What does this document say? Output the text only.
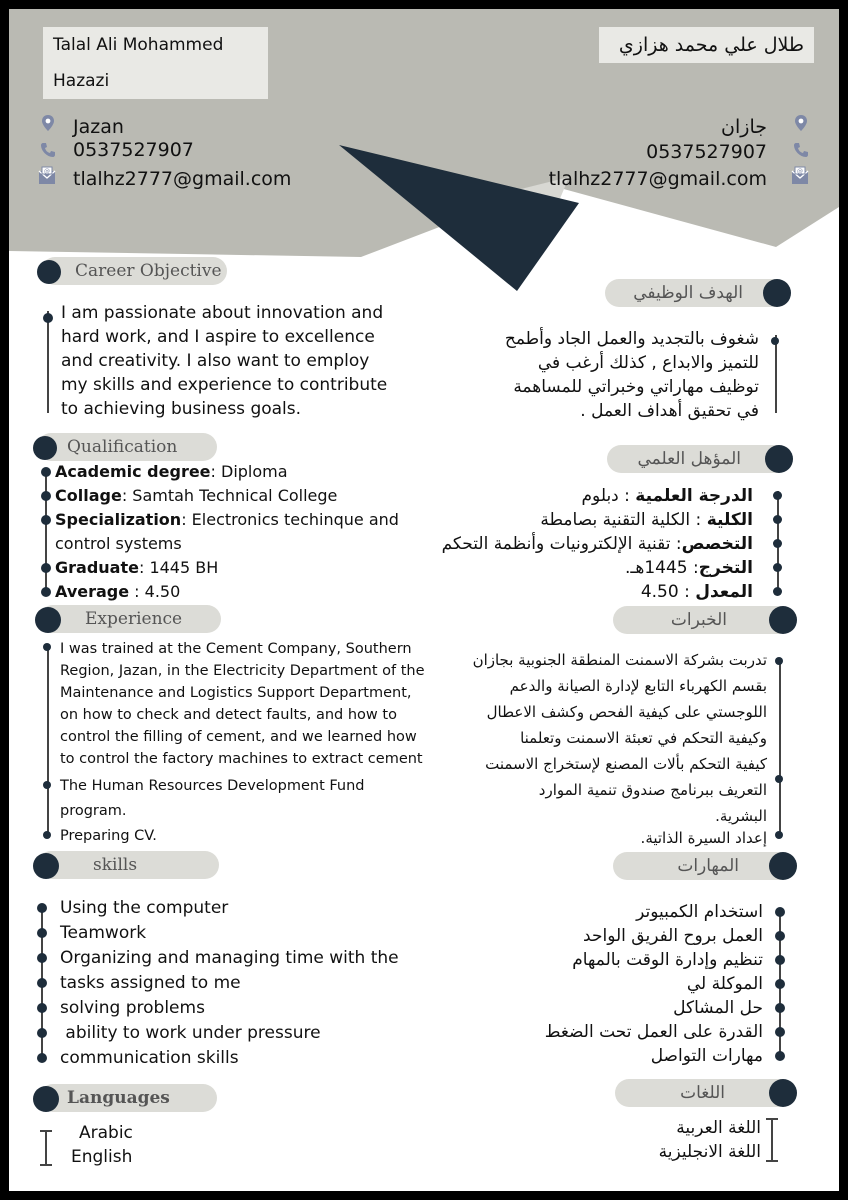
Talal Ali Mohammed Hazazi
طلال علي محمد هزازي
@
Jazan
0537527907
tlalhz2777@gmail.com	@
جازان
0537527907
tlalhz2777@gmail.com
Career Objective
I am passionate about innovation and
hard work, and I aspire to excellence
and creativity. I also want to employ
my skills and experience to contribute
to achieving business goals.
Qualification
Academic degree: Diploma
Collage: Samtah Technical College
Specialization: Electronics techinque and
control systems
Graduate: 1445 BH
Average : 4.50
Experience
I was trained at the Cement Company, Southern
Region, Jazan, in the Electricity Department of the
Maintenance and Logistics Support Department,
on how to check and detect faults, and how to
control the filling of cement, and we learned how
to control the factory machines to extract cement
The Human Resources Development Fund
program.
Preparing CV.
skills
Using the computer
Teamwork
Organizing and managing time with the
tasks assigned to me
solving problems
ability to work under pressure
communication skills
Languages
Arabic
English
الهدف الوظيفي
شغوف بالتجديد والعمل الجاد وأطمح
للتميز والابداع , كذلك أرغب في
توظيف مهاراتي وخبراتي للمساهمة
في تحقيق أهداف العمل .
المؤهل العلمي
الدرجة العلمية : دبلوم
الكلية : الكلية التقنية بصامطة
التخصص: تقنية الإلكترونيات وأنظمة التحكم
التخرج: 1445هـ.
المعدل : 4.50
الخبرات
تدربت بشركة الاسمنت المنطقة الجنوبية بجازان
بقسم الكهرباء التابع لإدارة الصيانة والدعم
اللوجستي على كيفية الفحص وكشف الاعطال
وكيفية التحكم في تعبئة الاسمنت وتعلمنا
كيفية التحكم بألات المصنع لإستخراج الاسمنت
التعريف ببرنامج صندوق تنمية الموارد
البشرية.
إعداد السيرة الذاتية.
المهارات
استخدام الكمبيوتر
العمل بروح الفريق الواحد
تنظيم وإدارة الوقت بالمهام
الموكلة لي
حل المشاكل
القدرة على العمل تحت الضغط
مهارات التواصل
اللغات
اللغة العربية
اللغة الانجليزية
